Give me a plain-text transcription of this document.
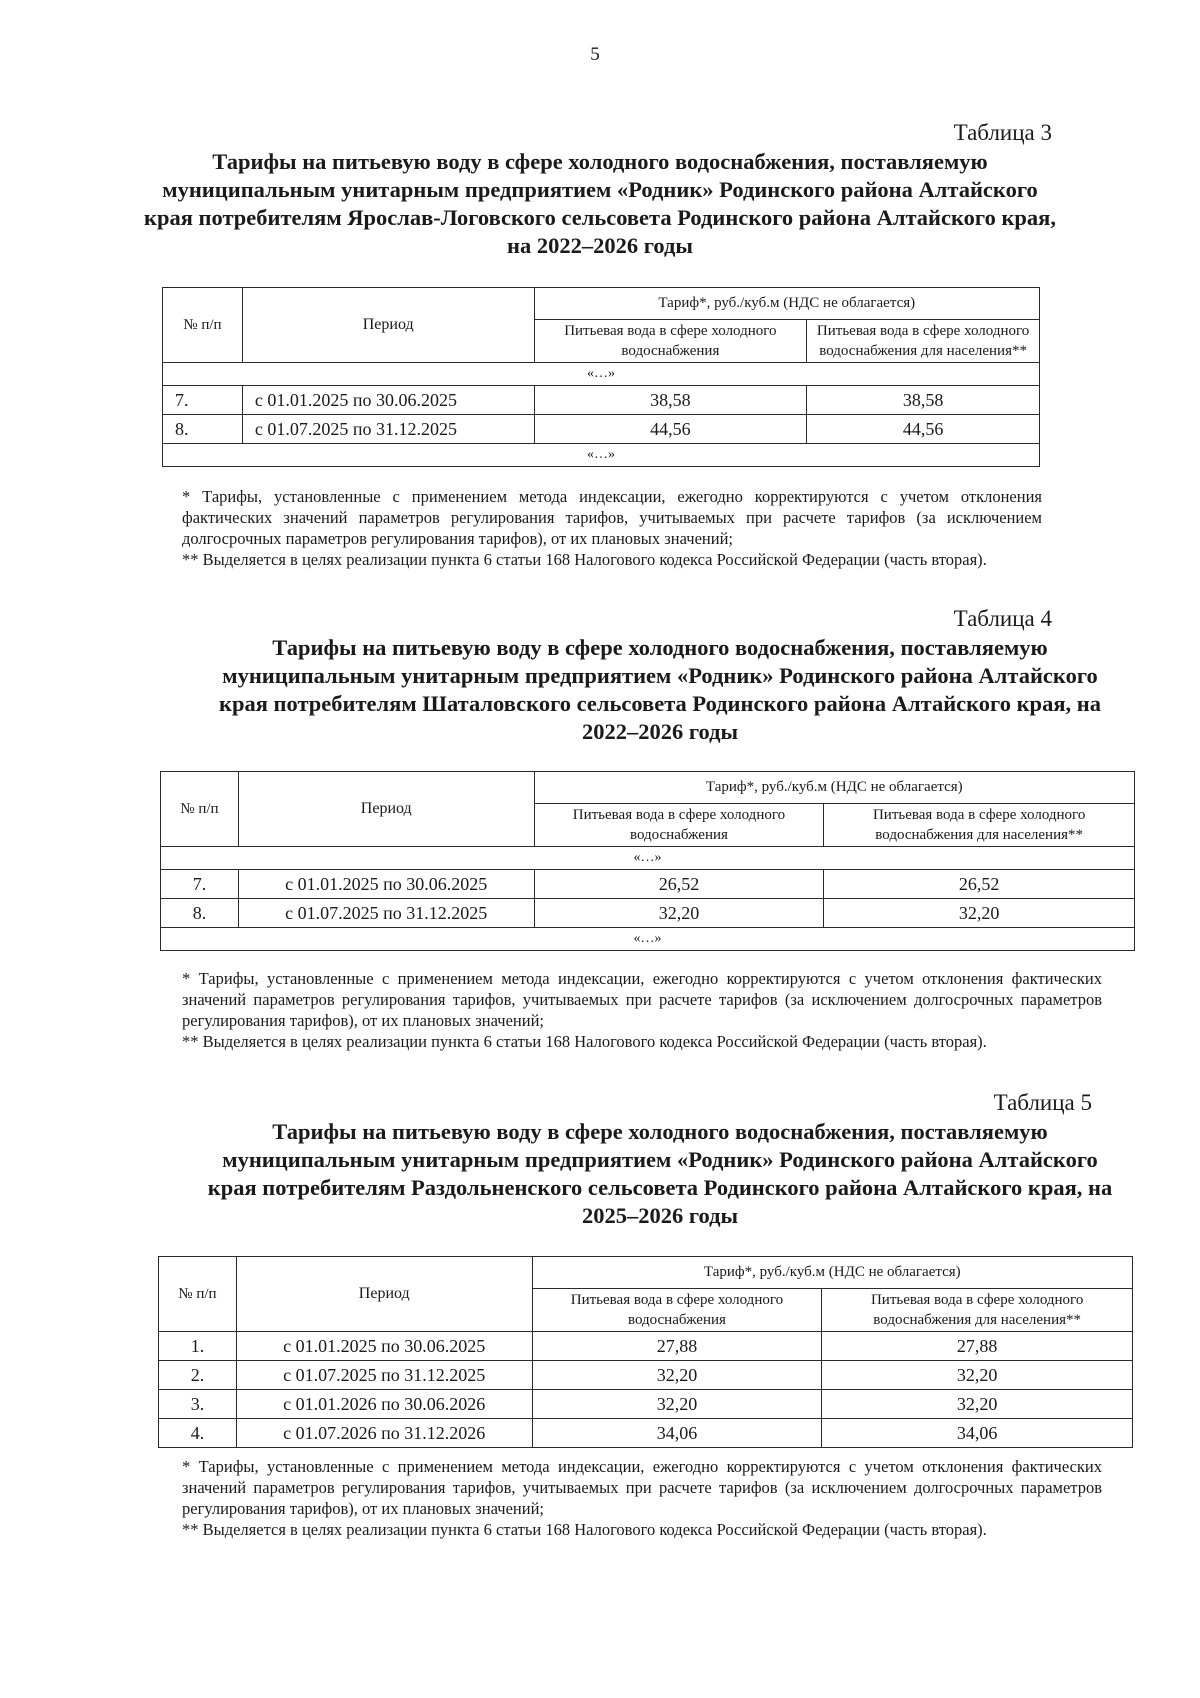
5
Таблица 3

Тарифы на питьевую воду в сфере холодного водоснабжения, поставляемую муниципальным унитарным предприятием «Родник» Родинского района Алтайского края потребителям Ярослав-Логовского сельсовета Родинского района Алтайского края, на 2022–2026 годы

№ п/п	Период	Тариф*, руб./куб.м (НДС не облагается)	
		Питьевая вода в сфере холодного водоснабжения	Питьевая вода в сфере холодного водоснабжения для населения**
«…»			
7.	с 01.01.2025 по 30.06.2025	38,58	38,58
8.	с 01.07.2025 по 31.12.2025	44,56	44,56
«…»			

* Тарифы, установленные с применением метода индексации, ежегодно корректируются с учетом отклонения фактических значений параметров регулирования тарифов, учитываемых при расчете тарифов (за исключением долгосрочных параметров регулирования тарифов), от их плановых значений;

** Выделяется в целях реализации пункта 6 статьи 168 Налогового кодекса Российской Федерации (часть вторая).

Таблица 4

Тарифы на питьевую воду в сфере холодного водоснабжения, поставляемую муниципальным унитарным предприятием «Родник» Родинского района Алтайского края потребителям Шаталовского сельсовета Родинского района Алтайского края, на 2022–2026 годы

№ п/п	Период	Тариф*, руб./куб.м (НДС не облагается)	
		Питьевая вода в сфере холодного водоснабжения	Питьевая вода в сфере холодного водоснабжения для населения**
«…»			
7.	с 01.01.2025 по 30.06.2025	26,52	26,52
8.	с 01.07.2025 по 31.12.2025	32,20	32,20
«…»			

* Тарифы, установленные с применением метода индексации, ежегодно корректируются с учетом отклонения фактических значений параметров регулирования тарифов, учитываемых при расчете тарифов (за исключением долгосрочных параметров регулирования тарифов), от их плановых значений;

** Выделяется в целях реализации пункта 6 статьи 168 Налогового кодекса Российской Федерации (часть вторая).

Таблица 5

Тарифы на питьевую воду в сфере холодного водоснабжения, поставляемую муниципальным унитарным предприятием «Родник» Родинского района Алтайского края потребителям Раздольненского сельсовета Родинского района Алтайского края, на 2025–2026 годы

№ п/п	Период	Тариф*, руб./куб.м (НДС не облагается)	
		Питьевая вода в сфере холодного водоснабжения	Питьевая вода в сфере холодного водоснабжения для населения**
1.	с 01.01.2025 по 30.06.2025	27,88	27,88
2.	с 01.07.2025 по 31.12.2025	32,20	32,20
3.	с 01.01.2026 по 30.06.2026	32,20	32,20
4.	с 01.07.2026 по 31.12.2026	34,06	34,06

* Тарифы, установленные с применением метода индексации, ежегодно корректируются с учетом отклонения фактических значений параметров регулирования тарифов, учитываемых при расчете тарифов (за исключением долгосрочных параметров регулирования тарифов), от их плановых значений;

** Выделяется в целях реализации пункта 6 статьи 168 Налогового кодекса Российской Федерации (часть вторая).
